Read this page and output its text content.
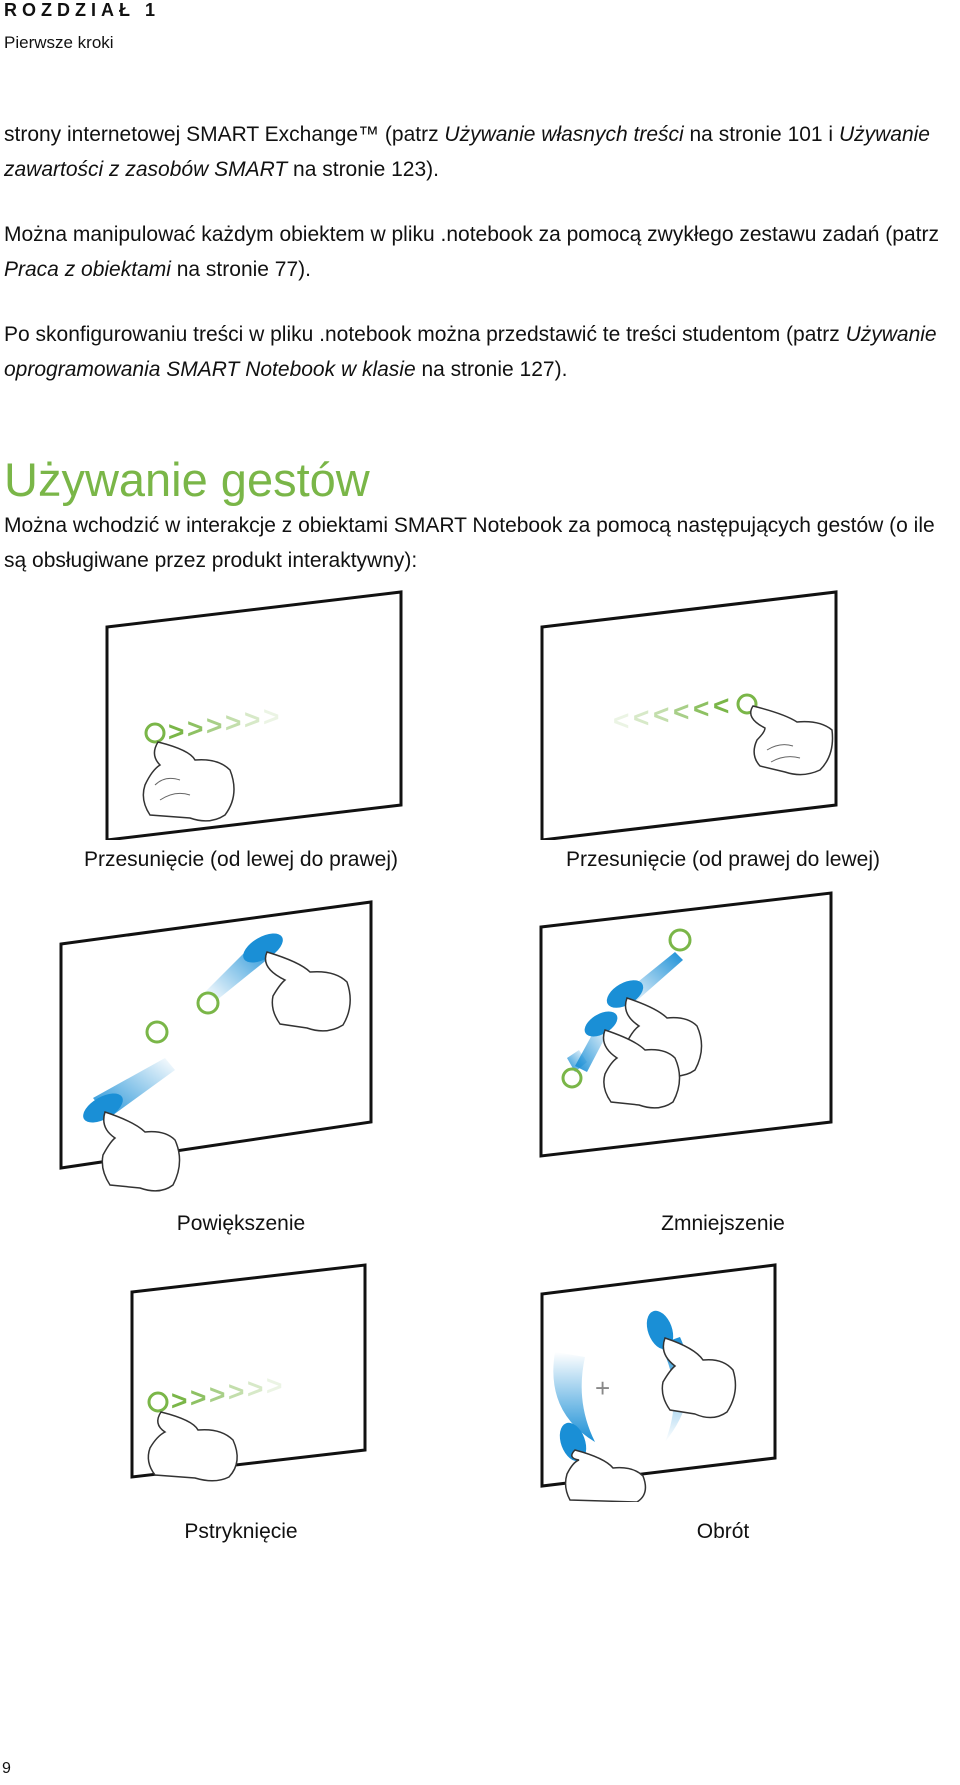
ROZDZIAŁ 1
Pierwsze kroki
strony internetowej SMART Exchange™ (patrz Używanie własnych treści na stronie 101 i Używanie zawartości z zasobów SMART na stronie 123).
Można manipulować każdym obiektem w pliku .notebook za pomocą zwykłego zestawu zadań (patrz Praca z obiektami na stronie 77).
Po skonfigurowaniu treści w pliku .notebook można przedstawić te treści studentom (patrz Używanie oprogramowania SMART Notebook w klasie na stronie 127).
Używanie gestów
Można wchodzić w interakcje z obiektami SMART Notebook za pomocą następujących gestów (o ile są obsługiwane przez produkt interaktywny):
> > > > > >	<
<
<
<
<
<
Przesunięcie (od lewej do prawej)	Przesunięcie (od prawej do lewej)
Powiększenie	Zmniejszenie
> > > > > >	+
Pstryknięcie	Obrót
9
